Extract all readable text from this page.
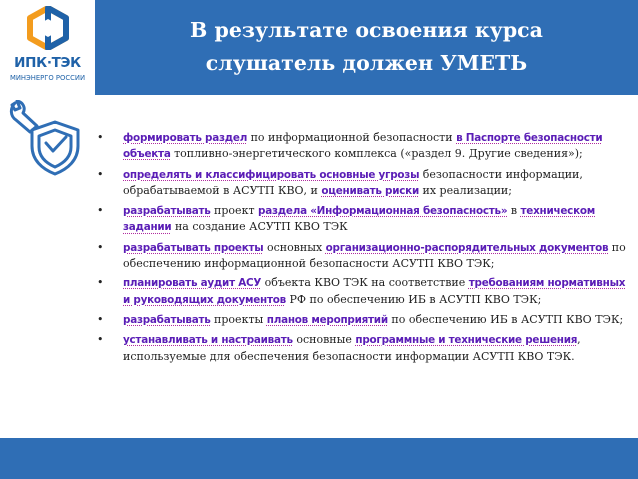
ИПК·ТЭК
МИНЭНЕРГО РОССИИ
В результате освоения курса
слушатель должен УМЕТЬ
• формировать раздел по информационной безопасности в Паспорте безопасности объекта топливно-энергетического комплекса («раздел 9. Другие сведения»);
• определять и классифицировать основные угрозы безопасности информации, обрабатываемой в АСУТП КВО, и оценивать риски их реализации;
• разрабатывать проект раздела «Информационная безопасность» в техническом задании на создание АСУТП КВО ТЭК
• разрабатывать проекты основных организационно-распорядительных документов по обеспечению информационной безопасности АСУТП КВО ТЭК;
• планировать аудит АСУ объекта КВО ТЭК на соответствие требованиям нормативных и руководящих документов РФ по обеспечению ИБ в АСУТП КВО ТЭК;
• разрабатывать проекты планов мероприятий по обеспечению ИБ в АСУТП КВО ТЭК;
• устанавливать и настраивать основные программные и технические решения, используемые для обеспечения безопасности информации АСУТП КВО ТЭК.
